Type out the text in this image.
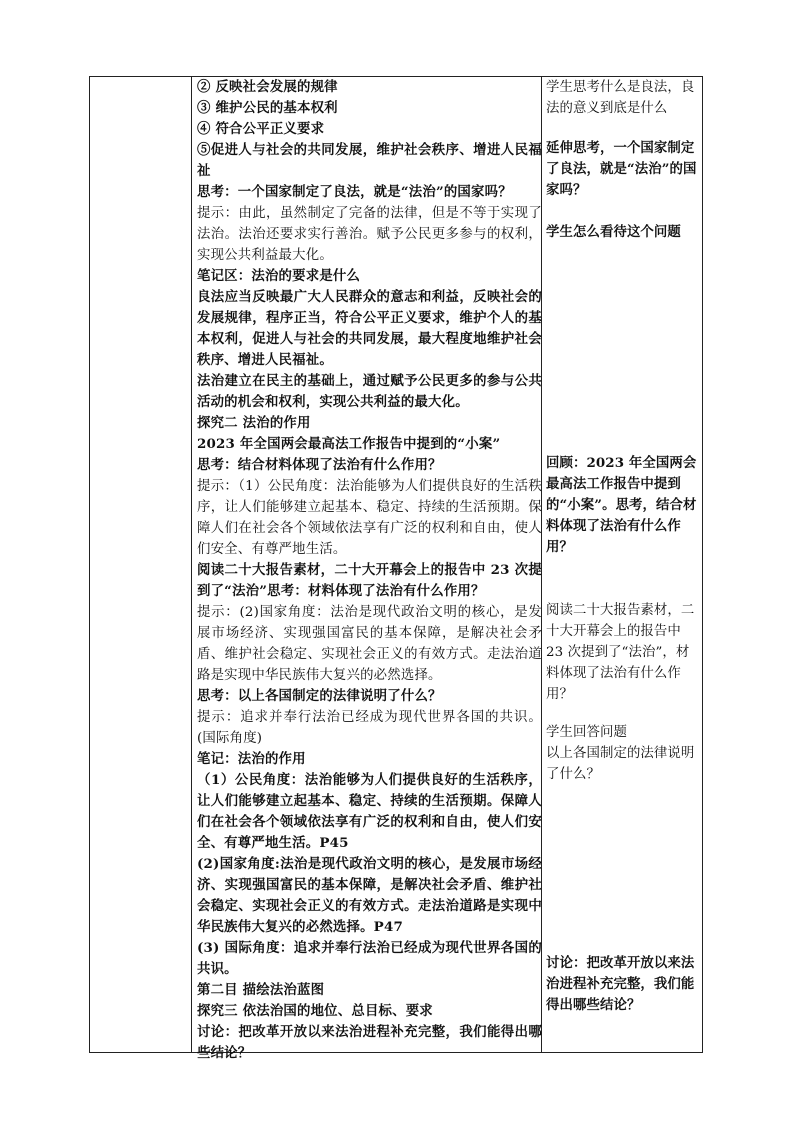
② 反映社会发展的规律

③ 维护公民的基本权利

④ 符合公平正义要求

⑤促进人与社会的共同发展，维护社会秩序、增进人民福祉

思考：一个国家制定了良法，就是“法治”的国家吗？

提示：由此，虽然制定了完备的法律，但是不等于实现了法治。法治还要求实行善治。赋予公民更多参与的权利，实现公共利益最大化。

笔记区：法治的要求是什么

良法应当反映最广大人民群众的意志和利益，反映社会的发展规律，程序正当，符合公平正义要求，维护个人的基本权利，促进人与社会的共同发展，最大程度地维护社会秩序、增进人民福祉。

法治建立在民主的基础上，通过赋予公民更多的参与公共活动的机会和权利，实现公共利益的最大化。

探究二 法治的作用

2023 年全国两会最高法工作报告中提到的“小案”

思考：结合材料体现了法治有什么作用？

提示：（1）公民角度：法治能够为人们提供良好的生活秩序，让人们能够建立起基本、稳定、持续的生活预期。保障人们在社会各个领域依法享有广泛的权利和自由，使人们安全、有尊严地生活。

阅读二十大报告素材，二十大开幕会上的报告中 23 次提到了“法治”思考：材料体现了法治有什么作用？

提示：(2)国家角度：法治是现代政治文明的核心，是发展市场经济、实现强国富民的基本保障，是解决社会矛盾、维护社会稳定、实现社会正义的有效方式。走法治道路是实现中华民族伟大复兴的必然选择。

思考：以上各国制定的法律说明了什么？

提示：追求并奉行法治已经成为现代世界各国的共识。(国际角度)

笔记：法治的作用

（1）公民角度：法治能够为人们提供良好的生活秩序，让人们能够建立起基本、稳定、持续的生活预期。保障人们在社会各个领域依法享有广泛的权利和自由，使人们安全、有尊严地生活。P45

(2)国家角度:法治是现代政治文明的核心，是发展市场经济、实现强国富民的基本保障，是解决社会矛盾、维护社会稳定、实现社会正义的有效方式。走法治道路是实现中华民族伟大复兴的必然选择。P47

(3) 国际角度：追求并奉行法治已经成为现代世界各国的共识。

第二目 描绘法治蓝图

探究三 依法治国的地位、总目标、要求

讨论：把改革开放以来法治进程补充完整，我们能得出哪些结论？

学生思考什么是良法，良法的意义到底是什么

延伸思考，一个国家制定了良法，就是“法治”的国家吗？

学生怎么看待这个问题

回顾：2023 年全国两会最高法工作报告中提到的“小案”。思考，结合材料体现了法治有什么作用？

阅读二十大报告素材，二十大开幕会上的报告中 23 次提到了“法治”，材料体现了法治有什么作用？

学生回答问题

以上各国制定的法律说明了什么？

讨论：把改革开放以来法治进程补充完整，我们能得出哪些结论？
